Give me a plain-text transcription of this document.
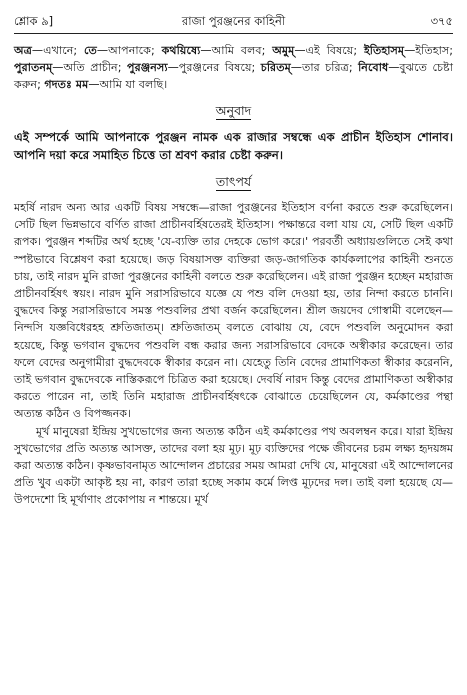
শ্লোক ৯]	রাজা পুরঞ্জনের কাহিনী	৩৭৫
অত্র—এখানে; তে—আপনাকে; কথয়িষ্যে—আমি বলব; অমুম্—এই বিষয়ে; ইতিহাসম্—ইতিহাস; পুরাতনম্—অতি প্রাচীন; পুরঞ্জনস্য—পুরঞ্জনের বিষয়ে; চরিতম্—তার চরিত্র; নিবোধ—বুঝতে চেষ্টা করুন; গদতঃ মম—আমি যা বলছি।
অনুবাদ
এই সম্পর্কে আমি আপনাকে পুরঞ্জন নামক এক রাজার সম্বন্ধে এক প্রাচীন ইতিহাস শোনাব। আপনি দয়া করে সমাহিত চিত্তে তা শ্রবণ করার চেষ্টা করুন।
তাৎপর্য

মহর্ষি নারদ অন্য আর একটি বিষয় সম্বন্ধে—রাজা পুরঞ্জনের ইতিহাস বর্ণনা করতে শুরু করেছিলেন। সেটি ছিল ভিন্নভাবে বর্ণিত রাজা প্রাচীনবর্হিষতেরই ইতিহাস। পক্ষান্তরে বলা যায় যে, সেটি ছিল একটি রূপক। পুরঞ্জন শব্দটির অর্থ হচ্ছে 'যে-ব্যক্তি তার দেহকে ভোগ করে।' পরবর্তী অধ্যায়গুলিতে সেই কথা স্পষ্টভাবে বিশ্লেষণ করা হয়েছে। জড় বিষয়াসক্ত ব্যক্তিরা জড়-জাগতিক কার্যকলাপের কাহিনী শুনতে চায়, তাই নারদ মুনি রাজা পুরঞ্জনের কাহিনী বলতে শুরু করেছিলেন। এই রাজা পুরঞ্জন হচ্ছেন মহারাজ প্রাচীনবর্হিষৎ স্বয়ং। নারদ মুনি সরাসরিভাবে যজ্ঞে যে পশু বলি দেওয়া হয়, তার নিন্দা করতে চাননি। বুদ্ধদেব কিন্তু সরাসরিভাবে সমস্ত পশুবলির প্রথা বর্জন করেছিলেন। শ্রীল জয়দেব গোস্বামী বলেছেন—নিন্দসি যজ্ঞবিধেরহহ শ্রুতিজাতম্। শ্রুতিজাতম্ বলতে বোঝায় যে, বেদে পশুবলি অনুমোদন করা হয়েছে, কিন্তু ভগবান বুদ্ধদেব পশুবলি বন্ধ করার জন্য সরাসরিভাবে বেদকে অস্বীকার করেছেন। তার ফলে বেদের অনুগামীরা বুদ্ধদেবকে স্বীকার করেন না। যেহেতু তিনি বেদের প্রামাণিকতা স্বীকার করেননি, তাই ভগবান বুদ্ধদেবকে নাস্তিকরূপে চিত্রিত করা হয়েছে। দেবর্ষি নারদ কিন্তু বেদের প্রামাণিকতা অস্বীকার করতে পারেন না, তাই তিনি মহারাজ প্রাচীনবর্হিষৎকে বোঝাতে চেয়েছিলেন যে, কর্মকাণ্ডের পন্থা অত্যন্ত কঠিন ও বিপজ্জনক।

মূর্খ মানুষেরা ইন্দ্রিয় সুখভোগের জন্য অত্যন্ত কঠিন এই কর্মকাণ্ডের পথ অবলম্বন করে। যারা ইন্দ্রিয় সুখভোগের প্রতি অত্যন্ত আসক্ত, তাদের বলা হয় মূঢ়। মূঢ় ব্যক্তিদের পক্ষে জীবনের চরম লক্ষ্য হৃদয়ঙ্গম করা অত্যন্ত কঠিন। কৃষ্ণভাবনামৃত আন্দোলন প্রচারের সময় আমরা দেখি যে, মানুষেরা এই আন্দোলনের প্রতি খুব একটা আকৃষ্ট হয় না, কারণ তারা হচ্ছে সকাম কর্মে লিপ্ত মূঢ়দের দল। তাই বলা হয়েছে যে—উপদেশো হি মূর্খাণাং প্রকোপায় ন শান্তয়ে। মূর্খ
